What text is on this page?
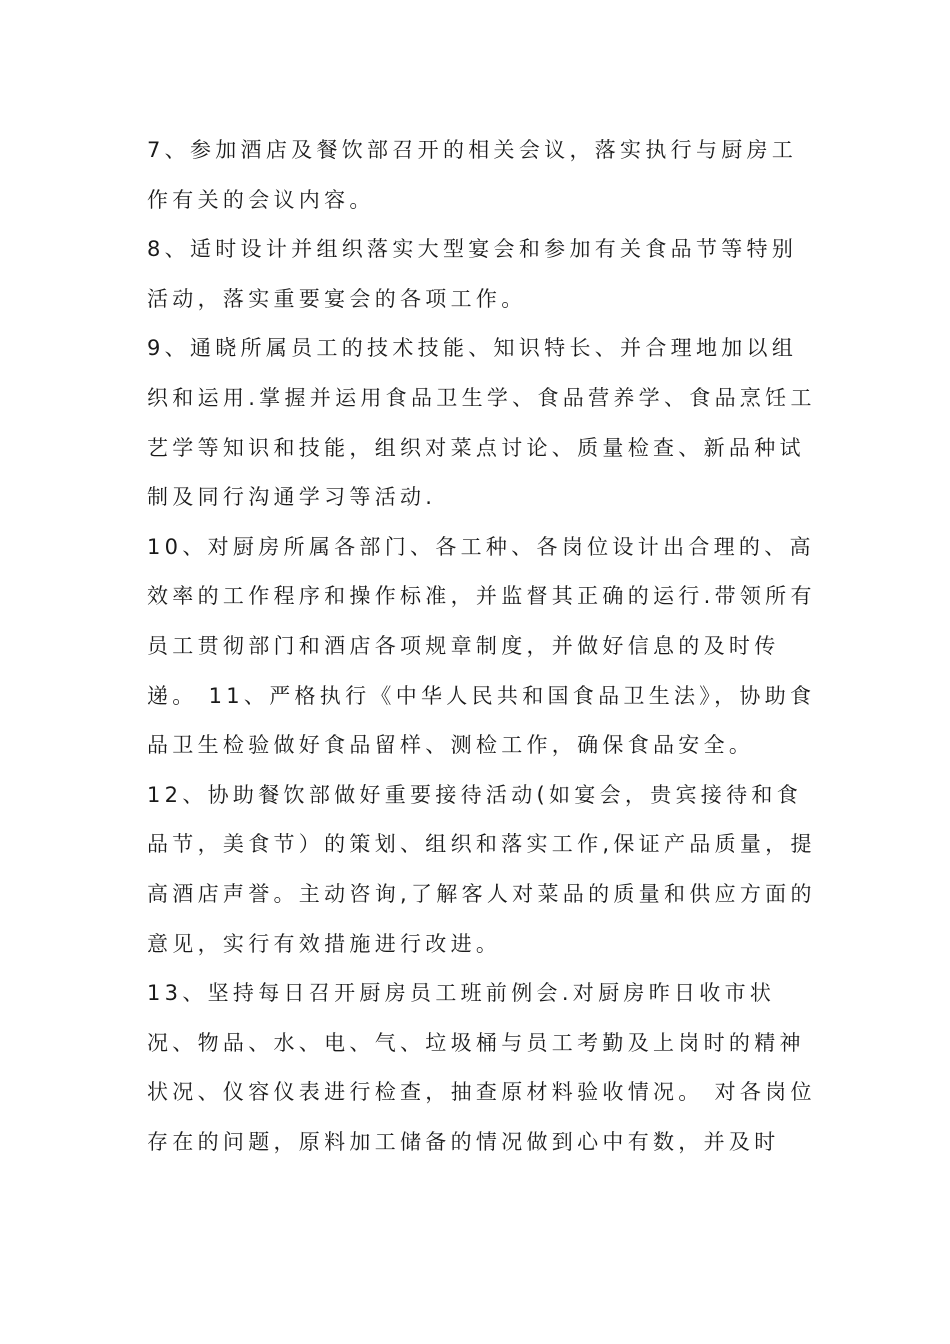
7、参加酒店及餐饮部召开的相关会议，落实执行与厨房工作有关的会议内容。

8、适时设计并组织落实大型宴会和参加有关食品节等特别活动，落实重要宴会的各项工作。

9、通晓所属员工的技术技能、知识特长、并合理地加以组织和运用.掌握并运用食品卫生学、食品营养学、食品烹饪工艺学等知识和技能，组织对菜点讨论、质量检查、新品种试制及同行沟通学习等活动.

10、对厨房所属各部门、各工种、各岗位设计出合理的、高效率的工作程序和操作标准，并监督其正确的运行.带领所有员工贯彻部门和酒店各项规章制度，并做好信息的及时传递。 11、严格执行《中华人民共和国食品卫生法》，协助食品卫生检验做好食品留样、测检工作，确保食品安全。

12、协助餐饮部做好重要接待活动(如宴会，贵宾接待和食品节，美食节）的策划、组织和落实工作,保证产品质量，提高酒店声誉。主动咨询,了解客人对菜品的质量和供应方面的意见，实行有效措施进行改进。

13、坚持每日召开厨房员工班前例会.对厨房昨日收市状况、物品、水、电、气、垃圾桶与员工考勤及上岗时的精神状况、仪容仪表进行检查，抽查原材料验收情况。 对各岗位存在的问题，原料加工储备的情况做到心中有数，并及时
